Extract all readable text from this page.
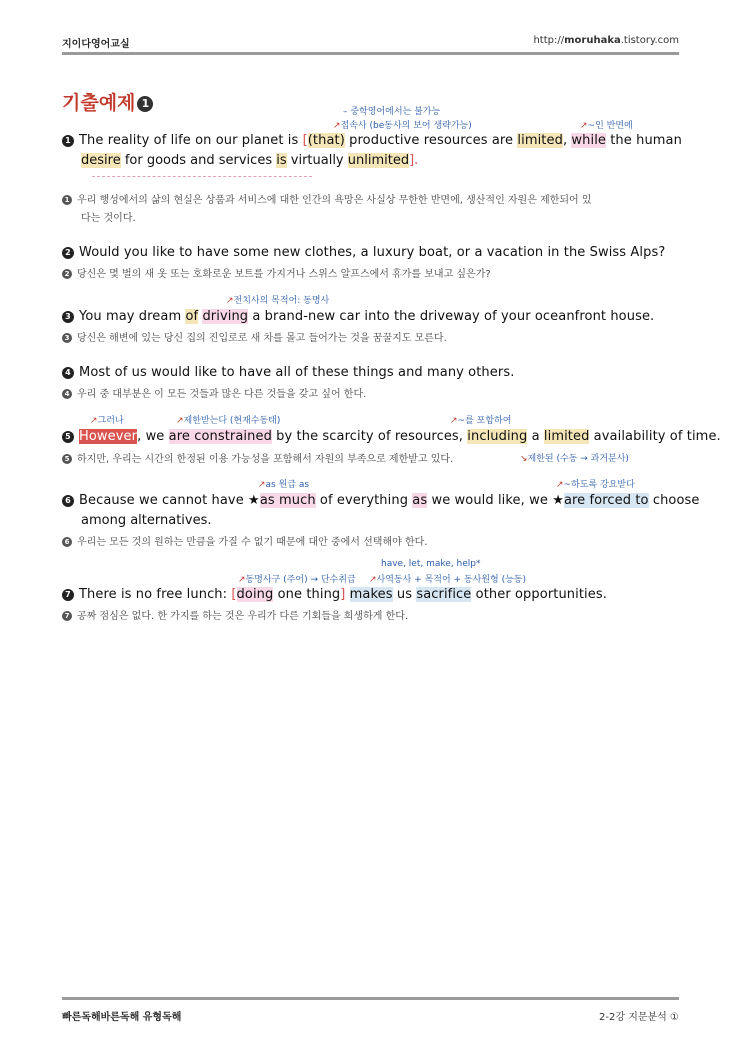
지이다영어교실	http://moruhaka.tistory.com
기출예제 1
– 중학영어에서는 불가능
↗접속사 (be동사의 보어 생략가능)	↗~인 반면에
1 The reality of life on our planet is [(that) productive resources are limited, while the human
desire for goods and services is virtually unlimited].
1 우리 행성에서의 삶의 현실은 상품과 서비스에 대한 인간의 욕망은 사실상 무한한 반면에, 생산적인 자원은 제한되어 있
다는 것이다.
2 Would you like to have some new clothes, a luxury boat, or a vacation in the Swiss Alps?
2 당신은 몇 벌의 새 옷 또는 호화로운 보트를 가지거나 스위스 알프스에서 휴가를 보내고 싶은가?
↗전치사의 목적어: 동명사
3 You may dream of driving a brand-new car into the driveway of your oceanfront house.
3 당신은 해변에 있는 당신 집의 진입로로 새 차를 몰고 들어가는 것을 꿈꿀지도 모른다.
4 Most of us would like to have all of these things and many others.
4 우리 중 대부분은 이 모든 것들과 많은 다른 것들을 갖고 싶어 한다.
↗그러나	↗제한받는다 (현재수동태)	↗~를 포함하여
5 However, we are constrained by the scarcity of resources, including a limited availability of time.
5 하지만, 우리는 시간의 한정된 이용 가능성을 포함해서 자원의 부족으로 제한받고 있다.	↘제한된 (수동 → 과거분사)
↗as 원급 as	↗~하도록 강요받다
6 Because we cannot have ★as much of everything as we would like, we ★are forced to choose
among alternatives.
6 우리는 모든 것의 원하는 만큼을 가질 수 없기 때문에 대안 중에서 선택해야 한다.
have, let, make, help*
↗동명사구 (주어) → 단수취급 ↗사역동사 + 목적어 + 동사원형 (능동)
7 There is no free lunch: [doing one thing] makes us sacrifice other opportunities.
7 공짜 점심은 없다. 한 가지를 하는 것은 우리가 다른 기회들을 희생하게 한다.
빠른독해바른독해 유형독해	2-2강 지문분석 ①
